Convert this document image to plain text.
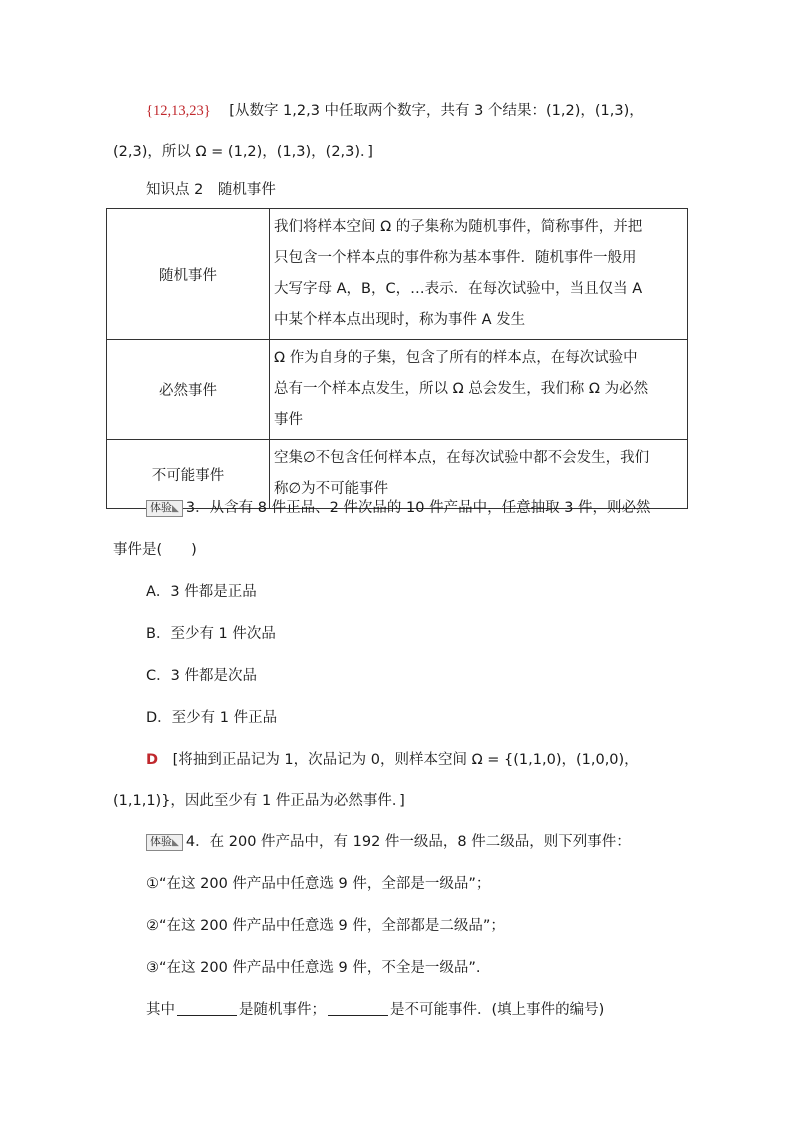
{12,13,23} [从数字 1,2,3 中任取两个数字，共有 3 个结果：(1,2)，(1,3)，
(2,3)，所以 Ω = (1,2)，(1,3)，(2,3)．]
知识点 2　随机事件
随机事件	我们将样本空间 Ω 的子集称为随机事件，简称事件，并把
只包含一个样本点的事件称为基本事件．随机事件一般用
大写字母 A，B，C，…表示．在每次试验中，当且仅当 A
中某个样本点出现时，称为事件 A 发生

必然事件	Ω 作为自身的子集，包含了所有的样本点，在每次试验中
总有一个样本点发生，所以 Ω 总会发生，我们称 Ω 为必然
事件

不可能事件	空集∅不包含任何样本点，在每次试验中都不会发生，我们
称∅为不可能事件
体验◣ 3．从含有 8 件正品、2 件次品的 10 件产品中，任意抽取 3 件，则必然
事件是(　　)
A．3 件都是正品
B．至少有 1 件次品
C．3 件都是次品
D．至少有 1 件正品
D [将抽到正品记为 1，次品记为 0，则样本空间 Ω = {(1,1,0)，(1,0,0)，
(1,1,1)}，因此至少有 1 件正品为必然事件．]
体验◣ 4．在 200 件产品中，有 192 件一级品，8 件二级品，则下列事件：
①“在这 200 件产品中任意选 9 件，全部是一级品”；
②“在这 200 件产品中任意选 9 件，全部都是二级品”；
③“在这 200 件产品中任意选 9 件，不全是一级品”.
其中	是随机事件；	是不可能事件．(填上事件的编号)
